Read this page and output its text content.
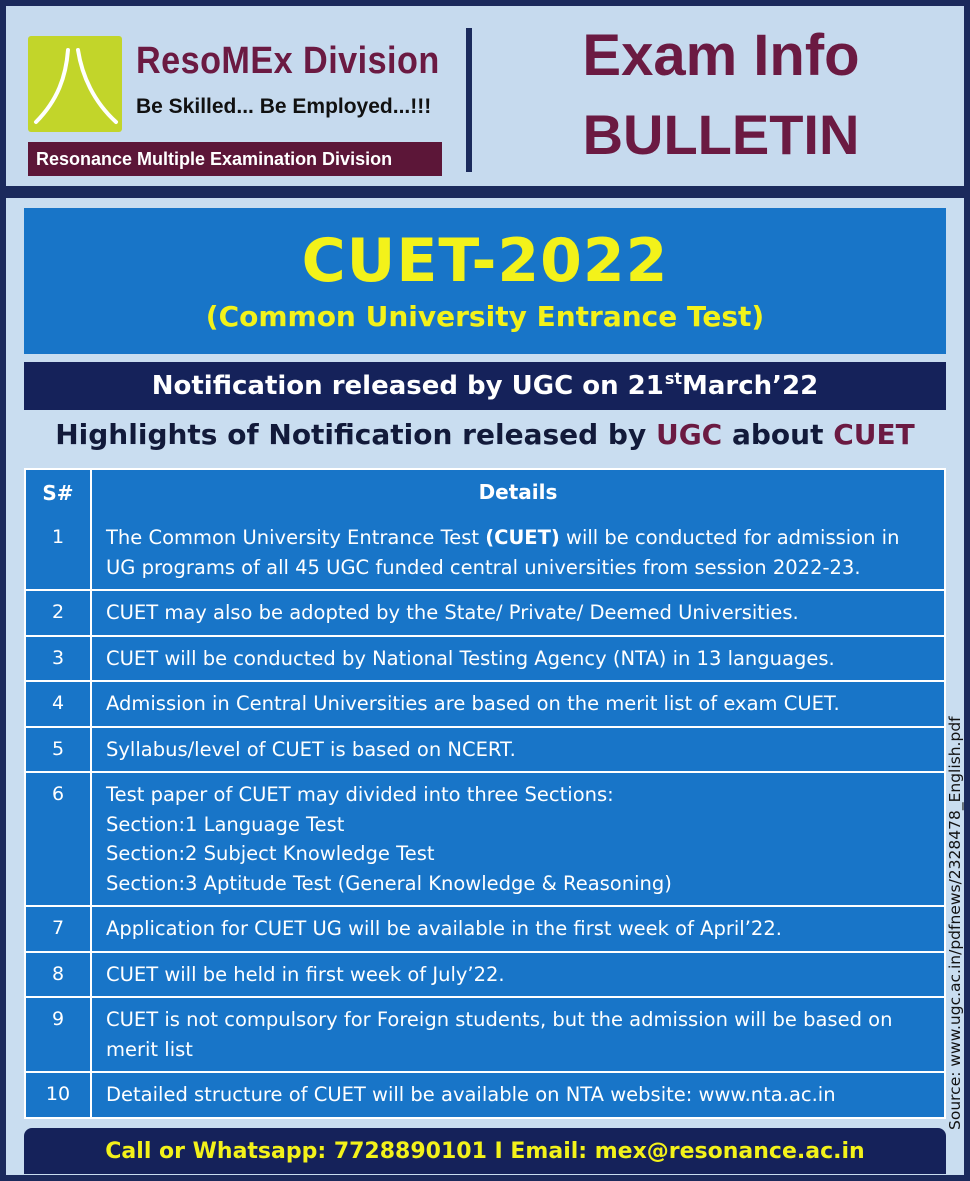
ResoMEx Division
Be Skilled... Be Employed...!!!
Resonance Multiple Examination Division
Exam Info
BULLETIN
CUET-2022
(Common University Entrance Test)
Notification released by UGC on 21st March’22
Highlights of Notification released by UGC about CUET
S#	Details
1	The Common University Entrance Test (CUET) will be conducted for admission in
UG programs of all 45 UGC funded central universities from session 2022-23.
2	CUET may also be adopted by the State/ Private/ Deemed Universities.
3	CUET will be conducted by National Testing Agency (NTA) in 13 languages.
4	Admission in Central Universities are based on the merit list of exam CUET.
5	Syllabus/level of CUET is based on NCERT.
6	Test paper of CUET may divided into three Sections:
Section:1 Language Test
Section:2 Subject Knowledge Test
Section:3 Aptitude Test (General Knowledge & Reasoning)
7	Application for CUET UG will be available in the first week of April’22.
8	CUET will be held in first week of July’22.
9	CUET is not compulsory for Foreign students, but the admission will be based on
merit list
10	Detailed structure of CUET will be available on NTA website: www.nta.ac.in	Source: www.ugc.ac.in/pdfnews/2328478_English.pdf
Call or Whatsapp: 7728890101 I Email: mex@resonance.ac.in
